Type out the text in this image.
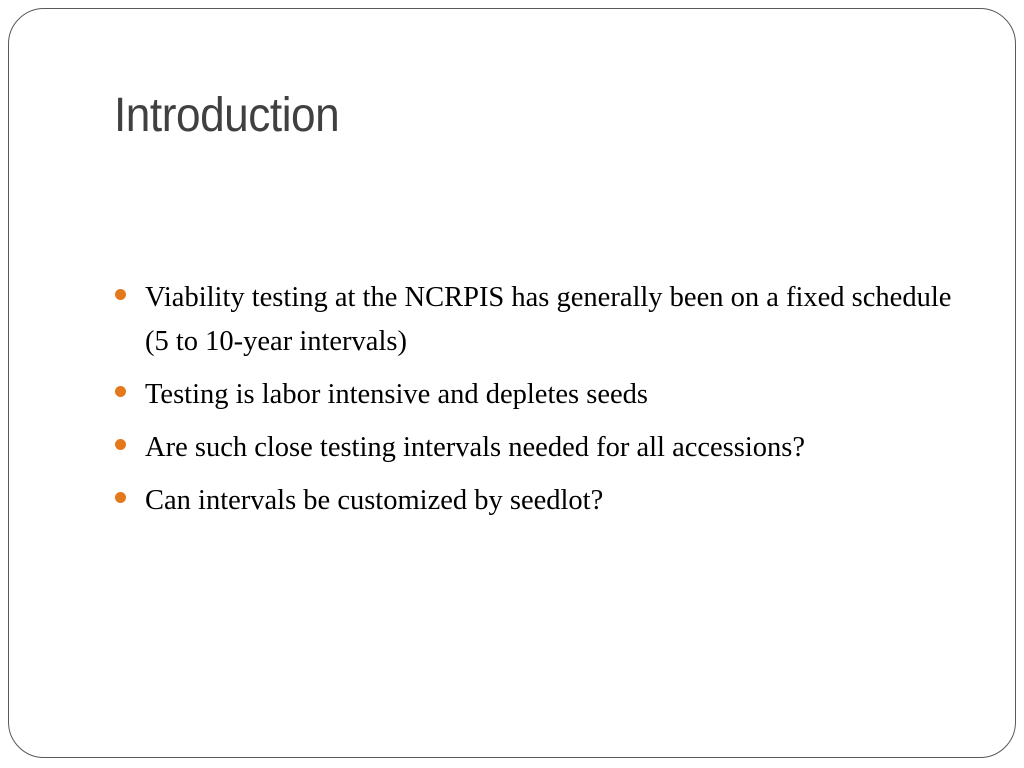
Introduction
Viability testing at the NCRPIS has generally been on a fixed schedule (5 to 10-year intervals)
Testing is labor intensive and depletes seeds
Are such close testing intervals needed for all accessions?
Can intervals be customized by seedlot?
